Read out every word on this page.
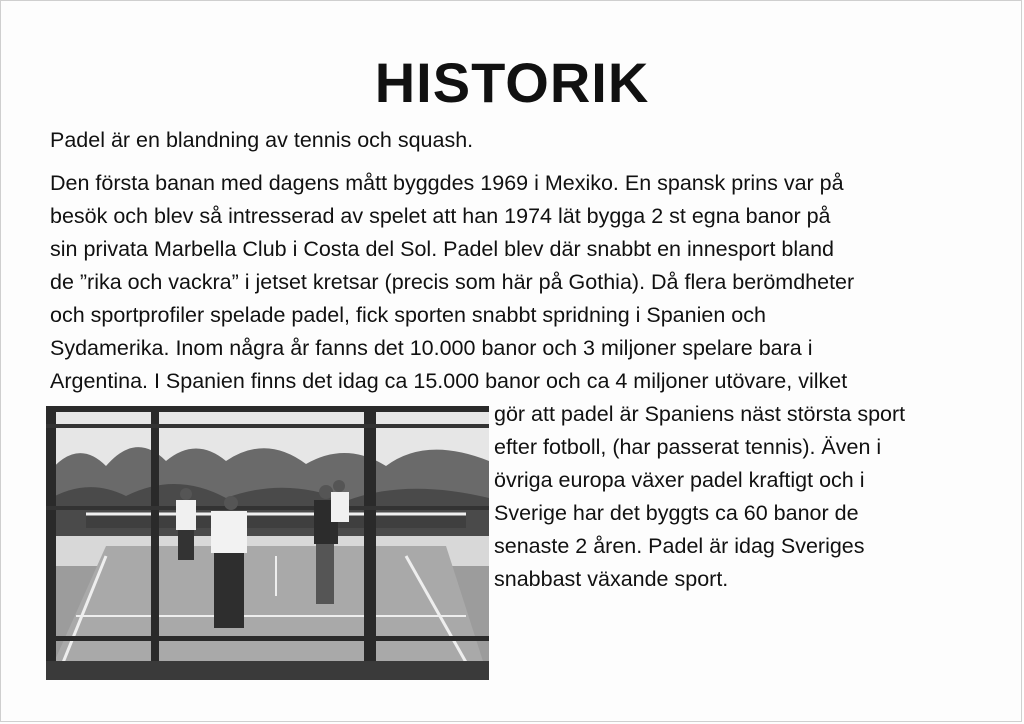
HISTORIK

Padel är en blandning av tennis och squash.

Den första banan med dagens mått byggdes 1969 i Mexiko. En spansk prins var på

besök och blev så intresserad av spelet att han 1974 lät bygga 2 st egna banor på

sin privata Marbella Club i Costa del Sol. Padel blev där snabbt en innesport bland

de ”rika och vackra” i jetset kretsar (precis som här på Gothia). Då flera berömdheter

och sportprofiler spelade padel, fick sporten snabbt spridning i Spanien och

Sydamerika. Inom några år fanns det 10.000 banor och 3 miljoner spelare bara i

Argentina. I Spanien finns det idag ca 15.000 banor och ca 4 miljoner utövare, vilket

gör att padel är Spaniens näst största sport

efter fotboll, (har passerat tennis). Även i

övriga europa växer padel kraftigt och i

Sverige har det byggts ca 60 banor de

senaste 2 åren. Padel är idag Sveriges

snabbast växande sport.
